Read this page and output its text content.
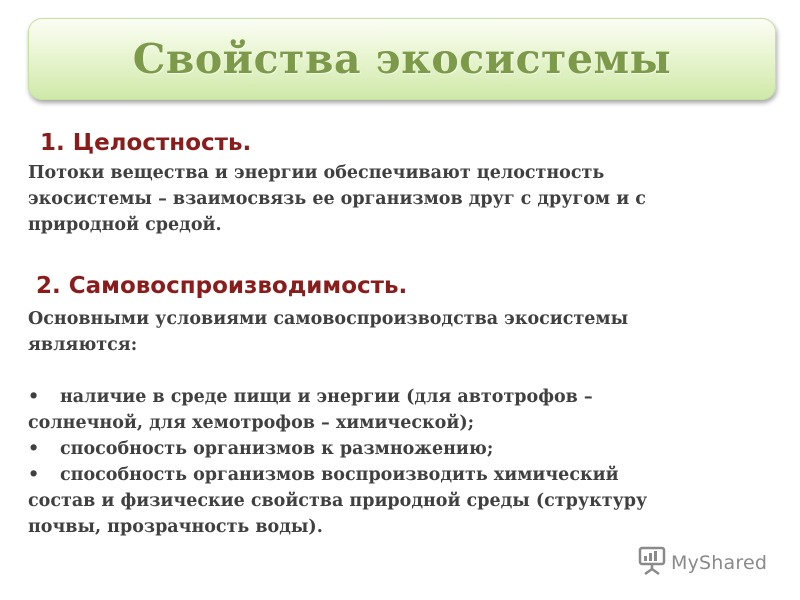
Свойства экосистемы
1. Целостность.
Потоки вещества и энергии обеспечивают целостность
экосистемы – взаимосвязь ее организмов друг с другом и с
природной средой.
2. Самовоспроизводимость.
Основными условиями самовоспроизводства экосистемы
являются:
• наличие в среде пищи и энергии (для автотрофов –
солнечной, для хемотрофов – химической);
• способность организмов к размножению;
• способность организмов воспроизводить химический
состав и физические свойства природной среды (структуру
почвы, прозрачность воды).
MyShared
